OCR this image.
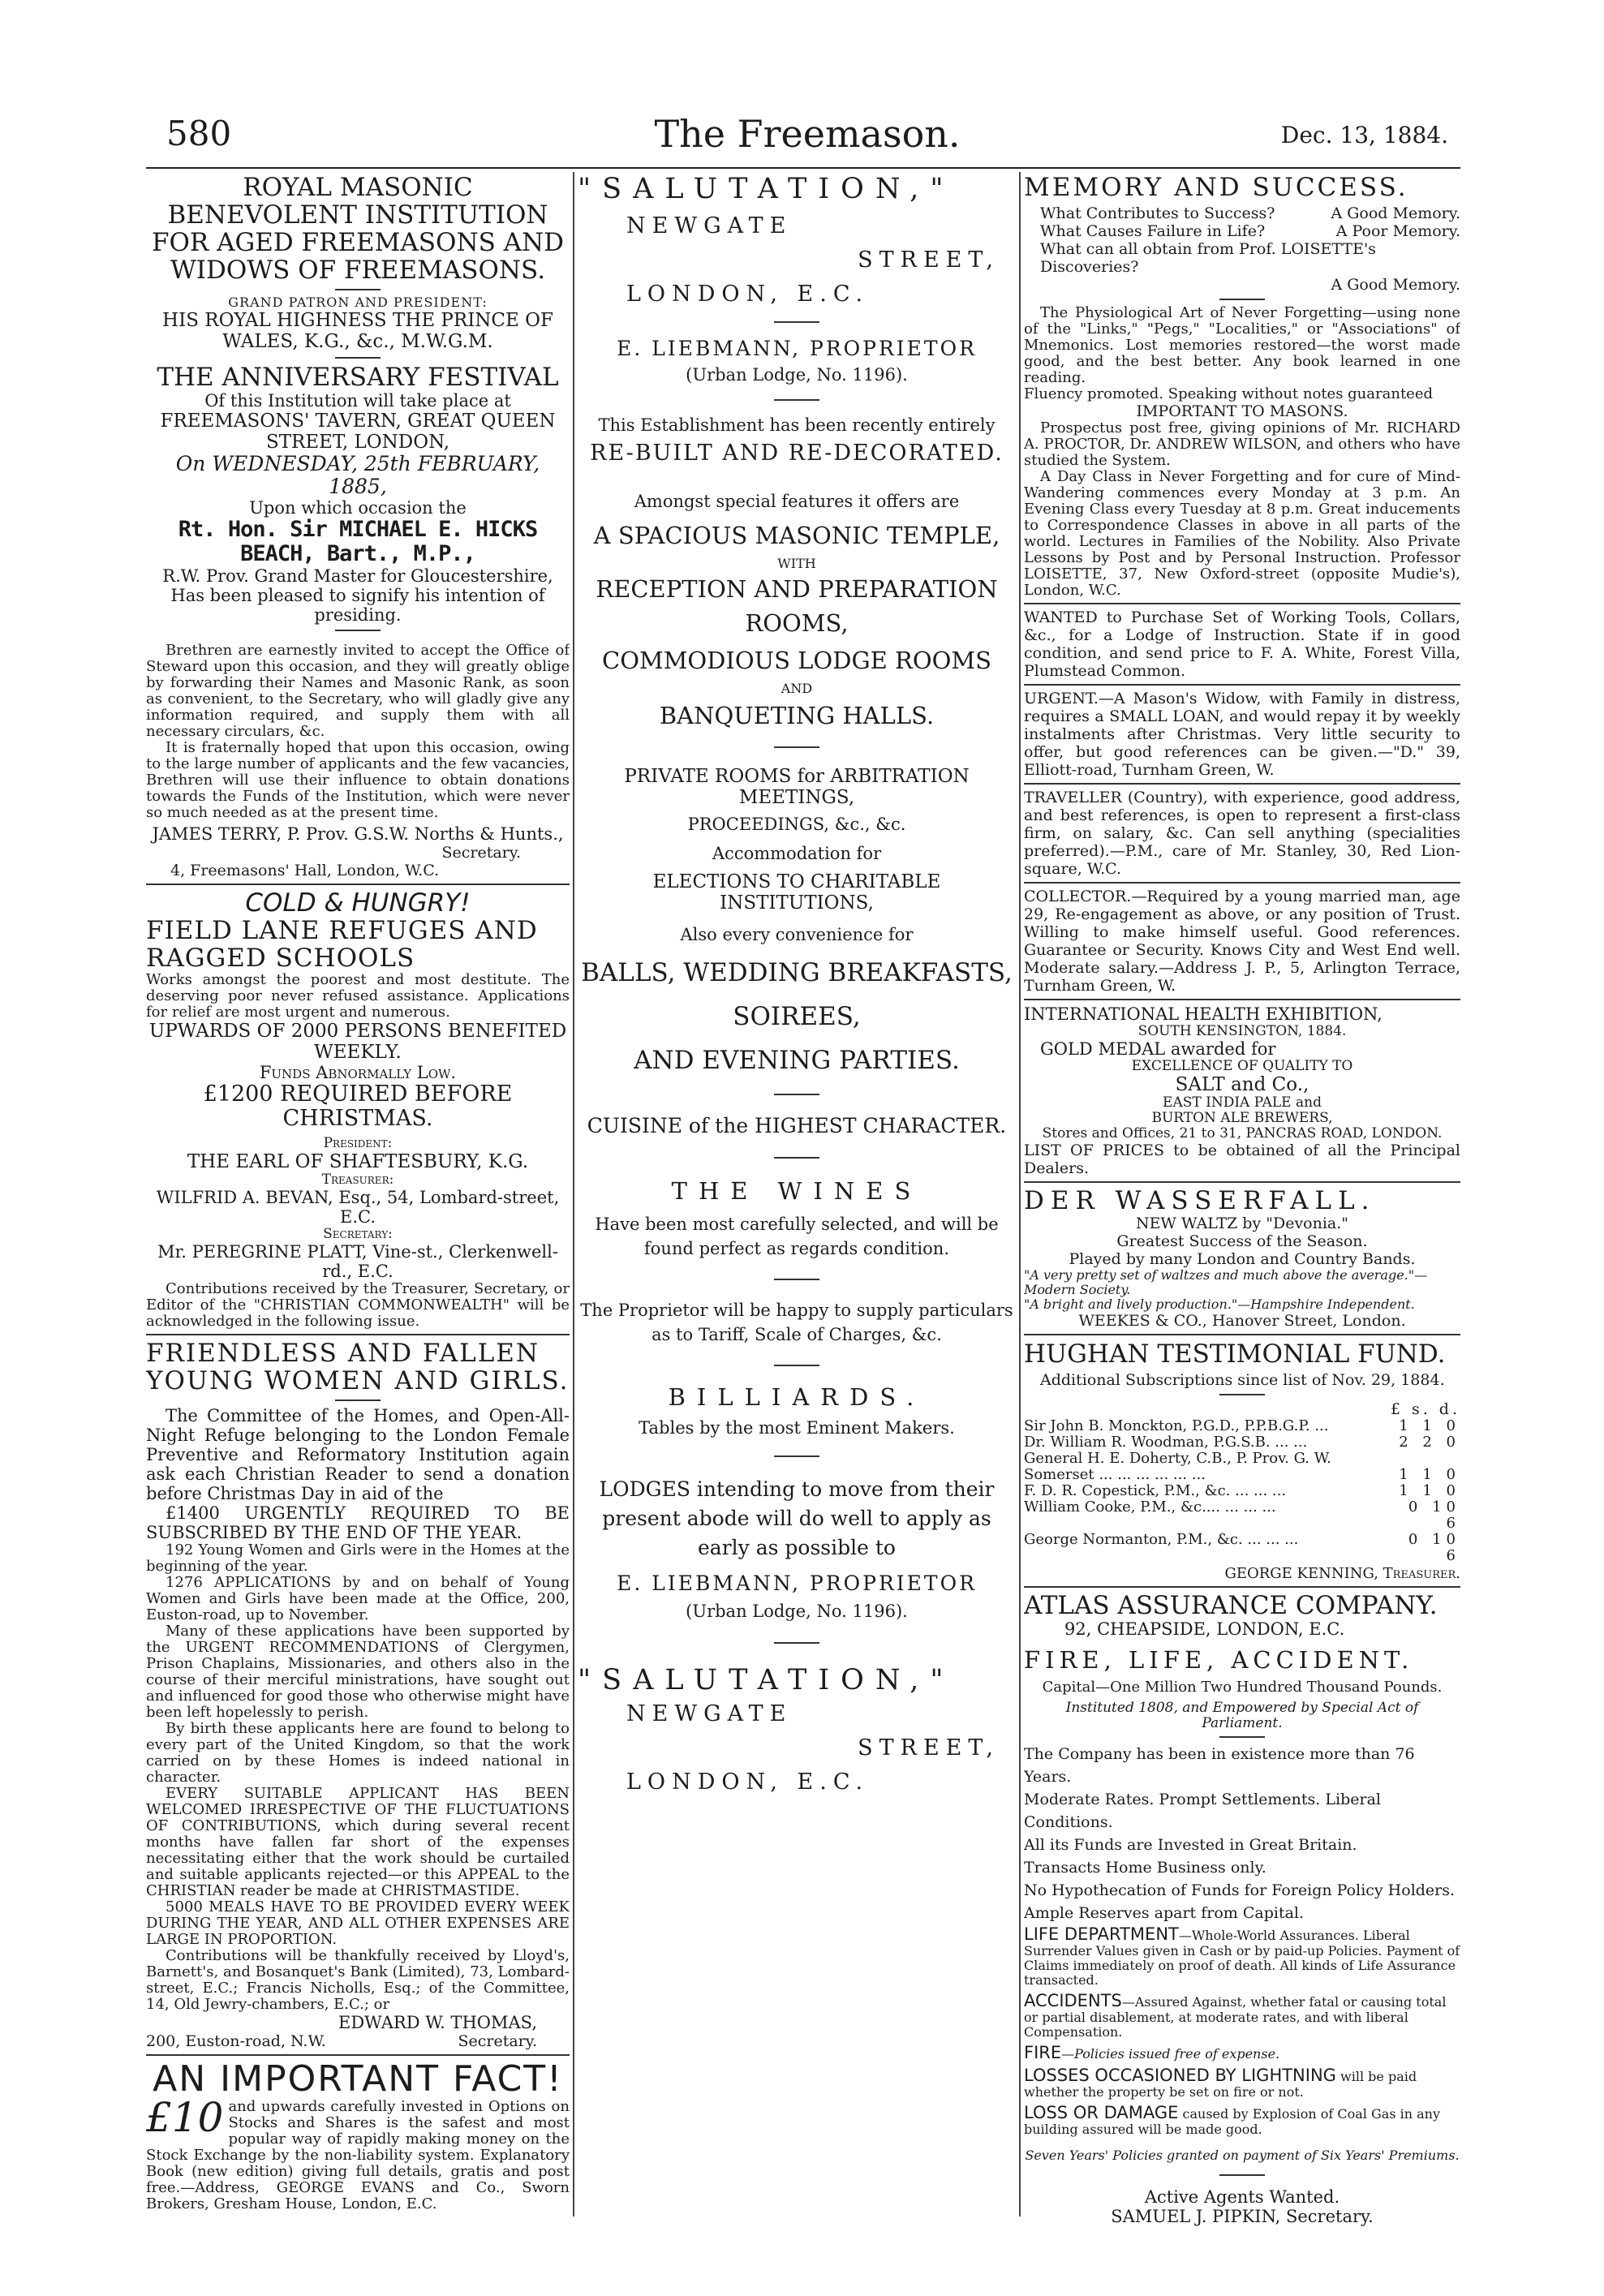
580	The Freemason.	Dec. 13, 1884.

ROYAL MASONIC BENEVOLENT INSTITUTION FOR AGED FREEMASONS AND WIDOWS OF FREEMASONS.

GRAND PATRON AND PRESIDENT:

HIS ROYAL HIGHNESS THE PRINCE OF WALES, K.G., &c., M.W.G.M.

THE ANNIVERSARY FESTIVAL

Of this Institution will take place at

FREEMASONS' TAVERN, GREAT QUEEN STREET, LONDON,

On WEDNESDAY, 25th FEBRUARY, 1885,

Upon which occasion the

Rt. Hon. Sir MICHAEL E. HICKS BEACH, Bart., M.P.,

R.W. Prov. Grand Master for Gloucestershire,

Has been pleased to signify his intention of presiding.

Brethren are earnestly invited to accept the Office of Steward upon this occasion, and they will greatly oblige by forwarding their Names and Masonic Rank, as soon as convenient, to the Secretary, who will gladly give any information required, and supply them with all necessary circulars, &c.

It is fraternally hoped that upon this occasion, owing to the large number of applicants and the few vacancies, Brethren will use their influence to obtain donations towards the Funds of the Institution, which were never so much needed as at the present time.

JAMES TERRY, P. Prov. G.S.W. Norths & Hunts.,

Secretary.

4, Freemasons' Hall, London, W.C.

COLD & HUNGRY!

FIELD LANE REFUGES AND RAGGED SCHOOLS

Works amongst the poorest and most destitute. The deserving poor never refused assistance. Applications for relief are most urgent and numerous.

UPWARDS OF 2000 PERSONS BENEFITED WEEKLY.

Funds Abnormally Low.

£1200 REQUIRED BEFORE CHRISTMAS.

President:

THE EARL OF SHAFTESBURY, K.G.

Treasurer:

WILFRID A. BEVAN, Esq., 54, Lombard-street, E.C.

Secretary:

Mr. PEREGRINE PLATT, Vine-st., Clerkenwell-rd., E.C.

Contributions received by the Treasurer, Secretary, or Editor of the "CHRISTIAN COMMONWEALTH" will be acknowledged in the following issue.

FRIENDLESS AND FALLEN YOUNG WOMEN AND GIRLS.

The Committee of the Homes, and Open-All-Night Refuge belonging to the London Female Preventive and Reformatory Institution again ask each Christian Reader to send a donation before Christmas Day in aid of the

£1400 URGENTLY REQUIRED TO BE SUBSCRIBED BY THE END OF THE YEAR.

192 Young Women and Girls were in the Homes at the beginning of the year.

1276 APPLICATIONS by and on behalf of Young Women and Girls have been made at the Office, 200, Euston-road, up to November.

Many of these applications have been supported by the URGENT RECOMMENDATIONS of Clergymen, Prison Chaplains, Missionaries, and others also in the course of their merciful ministrations, have sought out and influenced for good those who otherwise might have been left hopelessly to perish.

By birth these applicants here are found to belong to every part of the United Kingdom, so that the work carried on by these Homes is indeed national in character.

EVERY SUITABLE APPLICANT HAS BEEN WELCOMED IRRESPECTIVE OF THE FLUCTUATIONS OF CONTRIBUTIONS, which during several recent months have fallen far short of the expenses necessitating either that the work should be curtailed and suitable applicants rejected—or this APPEAL to the CHRISTIAN reader be made at CHRISTMASTIDE.

5000 MEALS HAVE TO BE PROVIDED EVERY WEEK DURING THE YEAR, AND ALL OTHER EXPENSES ARE LARGE IN PROPORTION.

Contributions will be thankfully received by Lloyd's, Barnett's, and Bosanquet's Bank (Limited), 73, Lombard-street, E.C.; Francis Nicholls, Esq.; of the Committee, 14, Old Jewry-chambers, E.C.; or

EDWARD W. THOMAS,

200, Euston-road, N.W.	Secretary.

AN IMPORTANT FACT!

£10 and upwards carefully invested in Options on Stocks and Shares is the safest and most popular way of rapidly making money on the Stock Exchange by the non-liability system. Explanatory Book (new edition) giving full details, gratis and post free.—Address, GEORGE EVANS and Co., Sworn Brokers, Gresham House, London, E.C.

"SALUTATION,"

NEWGATE

STREET,

LONDON, E.C.

E. LIEBMANN, PROPRIETOR

(Urban Lodge, No. 1196).

This Establishment has been recently entirely

RE-BUILT AND RE-DECORATED.

Amongst special features it offers are

A SPACIOUS MASONIC TEMPLE,

WITH

RECEPTION AND PREPARATION

ROOMS,

COMMODIOUS LODGE ROOMS

AND

BANQUETING HALLS.

PRIVATE ROOMS for ARBITRATION MEETINGS,

PROCEEDINGS, &c., &c.

Accommodation for

ELECTIONS TO CHARITABLE INSTITUTIONS,

Also every convenience for

BALLS, WEDDING BREAKFASTS,

SOIREES,

AND EVENING PARTIES.

CUISINE of the HIGHEST CHARACTER.

THE WINES

Have been most carefully selected, and will be found perfect as regards condition.

The Proprietor will be happy to supply particulars as to Tariff, Scale of Charges, &c.

BILLIARDS.

Tables by the most Eminent Makers.

LODGES intending to move from their present abode will do well to apply as early as possible to

E. LIEBMANN, PROPRIETOR

(Urban Lodge, No. 1196).

"SALUTATION,"

NEWGATE

STREET,

LONDON, E.C.

MEMORY AND SUCCESS.

What Contributes to Success?	A Good Memory.
What Causes Failure in Life?	A Poor Memory.

What can all obtain from Prof. LOISETTE's Discoveries?

A Good Memory.

The Physiological Art of Never Forgetting—using none of the "Links," "Pegs," "Localities," or "Associations" of Mnemonics. Lost memories restored—the worst made good, and the best better. Any book learned in one reading.

Fluency promoted. Speaking without notes guaranteed

IMPORTANT TO MASONS.

Prospectus post free, giving opinions of Mr. RICHARD A. PROCTOR, Dr. ANDREW WILSON, and others who have studied the System.

A Day Class in Never Forgetting and for cure of Mind-Wandering commences every Monday at 3 p.m. An Evening Class every Tuesday at 8 p.m. Great inducements to Correspondence Classes in above in all parts of the world. Lectures in Families of the Nobility. Also Private Lessons by Post and by Personal Instruction. Professor LOISETTE, 37, New Oxford-street (opposite Mudie's), London, W.C.

WANTED to Purchase Set of Working Tools, Collars, &c., for a Lodge of Instruction. State if in good condition, and send price to F. A. White, Forest Villa, Plumstead Common.

URGENT.—A Mason's Widow, with Family in distress, requires a SMALL LOAN, and would repay it by weekly instalments after Christmas. Very little security to offer, but good references can be given.—"D." 39, Elliott-road, Turnham Green, W.

TRAVELLER (Country), with experience, good address, and best references, is open to represent a first-class firm, on salary, &c. Can sell anything (specialities preferred).—P.M., care of Mr. Stanley, 30, Red Lion-square, W.C.

COLLECTOR.—Required by a young married man, age 29, Re-engagement as above, or any position of Trust. Willing to make himself useful. Good references. Guarantee or Security. Knows City and West End well. Moderate salary.—Address J. P., 5, Arlington Terrace, Turnham Green, W.

INTERNATIONAL HEALTH EXHIBITION,

SOUTH KENSINGTON, 1884.

GOLD MEDAL awarded for

EXCELLENCE OF QUALITY TO

SALT and Co.,

EAST INDIA PALE and

BURTON ALE BREWERS,

Stores and Offices, 21 to 31, PANCRAS ROAD, LONDON.

LIST OF PRICES to be obtained of all the Principal Dealers.

DER WASSERFALL.

NEW WALTZ by "Devonia."

Greatest Success of the Season.

Played by many London and Country Bands.

"A very pretty set of waltzes and much above the average."—Modern Society.

"A bright and lively production."—Hampshire Independent.

WEEKES & CO., Hanover Street, London.

HUGHAN TESTIMONIAL FUND.

Additional Subscriptions since list of Nov. 29, 1884.

£ s. d.

Sir John B. Monckton, P.G.D., P.P.B.G.P. ...	1 1 0
Dr. William R. Woodman, P.G.S.B. ... ...	2 2 0
General H. E. Doherty, C.B., P. Prov. G. W.
Somerset ... ... ... ... ... ...	1 1 0
F. D. R. Copestick, P.M., &c. ... ... ...	1 1 0
William Cooke, P.M., &c.... ... ... ...	0 10 6
George Normanton, P.M., &c. ... ... ...	0 10 6

GEORGE KENNING, Treasurer.

ATLAS ASSURANCE COMPANY.

92, CHEAPSIDE, LONDON, E.C.

FIRE, LIFE, ACCIDENT.

Capital—One Million Two Hundred Thousand Pounds.

Instituted 1808, and Empowered by Special Act of Parliament.

The Company has been in existence more than 76 Years.

Moderate Rates. Prompt Settlements. Liberal Conditions.

All its Funds are Invested in Great Britain.

Transacts Home Business only.

No Hypothecation of Funds for Foreign Policy Holders.

Ample Reserves apart from Capital.

LIFE DEPARTMENT—Whole-World Assurances. Liberal Surrender Values given in Cash or by paid-up Policies. Payment of Claims immediately on proof of death. All kinds of Life Assurance transacted.

ACCIDENTS—Assured Against, whether fatal or causing total or partial disablement, at moderate rates, and with liberal Compensation.

FIRE—Policies issued free of expense.

LOSSES OCCASIONED BY LIGHTNING will be paid whether the property be set on fire or not.

LOSS OR DAMAGE caused by Explosion of Coal Gas in any building assured will be made good.

Seven Years' Policies granted on payment of Six Years' Premiums.

Active Agents Wanted.

SAMUEL J. PIPKIN, Secretary.
